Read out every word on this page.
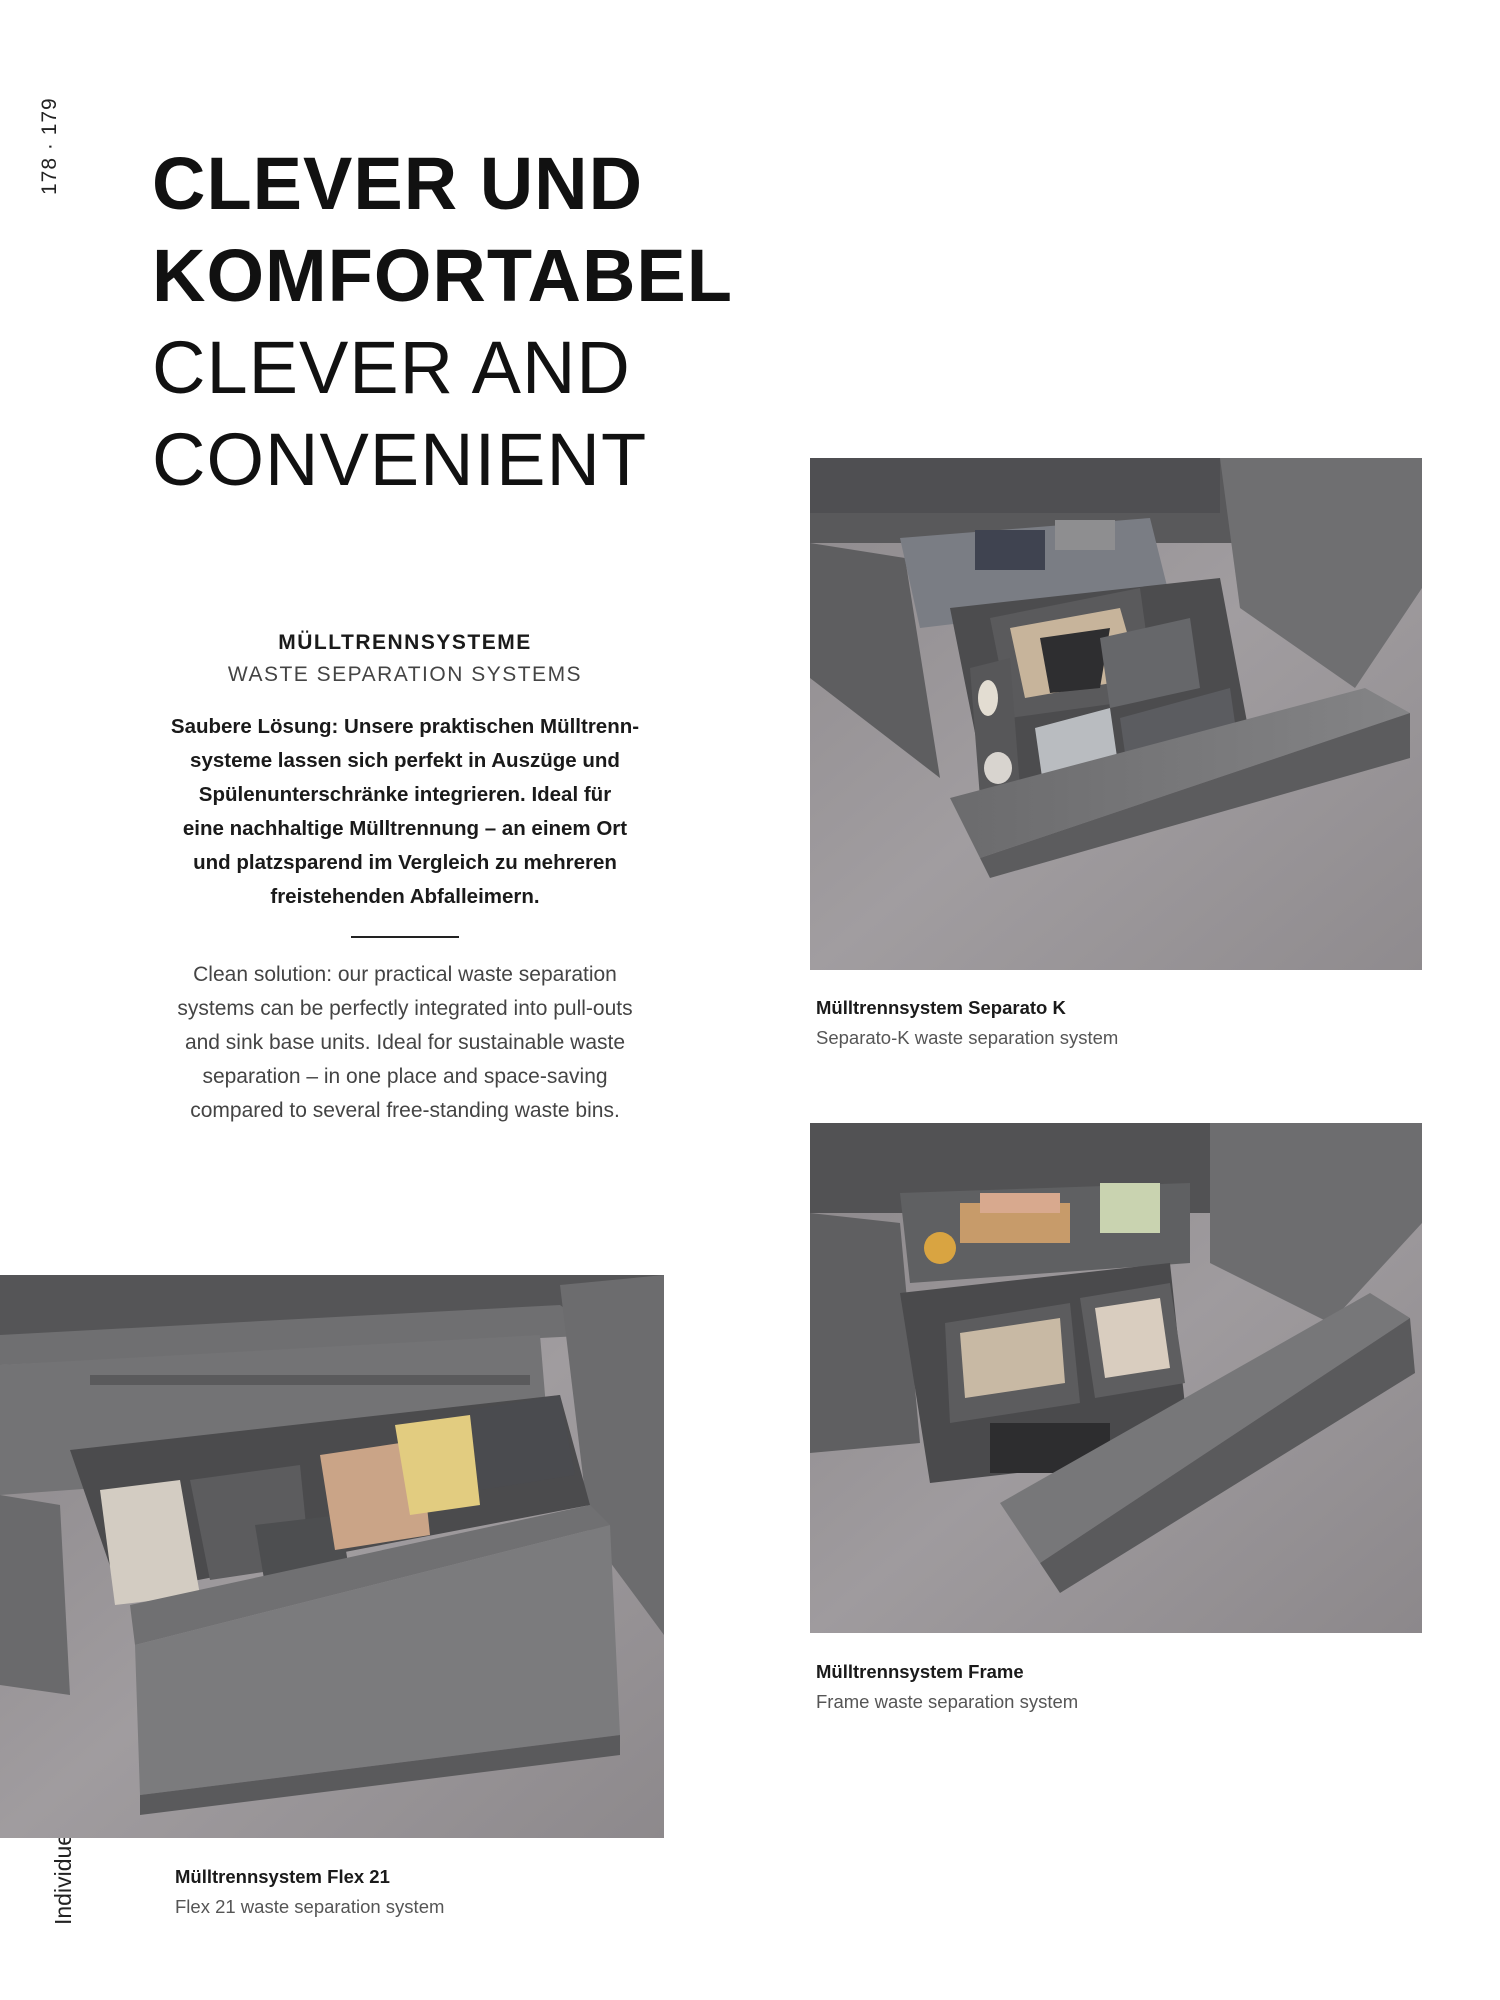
178 · 179 CLEVER UND
KOMFORTABEL
CLEVER AND
CONVENIENT
MÜLLTRENNSYSTEME
WASTE SEPARATION SYSTEMS
Saubere Lösung: Unsere praktischen Mülltrenn-
systeme lassen sich perfekt in Auszüge und
Spülenunterschränke integrieren. Ideal für
eine nachhaltige Mülltrennung – an einem Ort
und platzsparend im Vergleich zu mehreren
freistehenden Abfalleimern.
Clean solution: our practical waste separation
systems can be perfectly integrated into pull-outs
and sink base units. Ideal for sustainable waste
separation – in one place and space-saving
compared to several free-standing waste bins.
Mülltrennsystem Separato K
Separato-K waste separation system
Mülltrennsystem Frame
Frame waste separation system
Mülltrennsystem Flex 21
Flex 21 waste separation system
